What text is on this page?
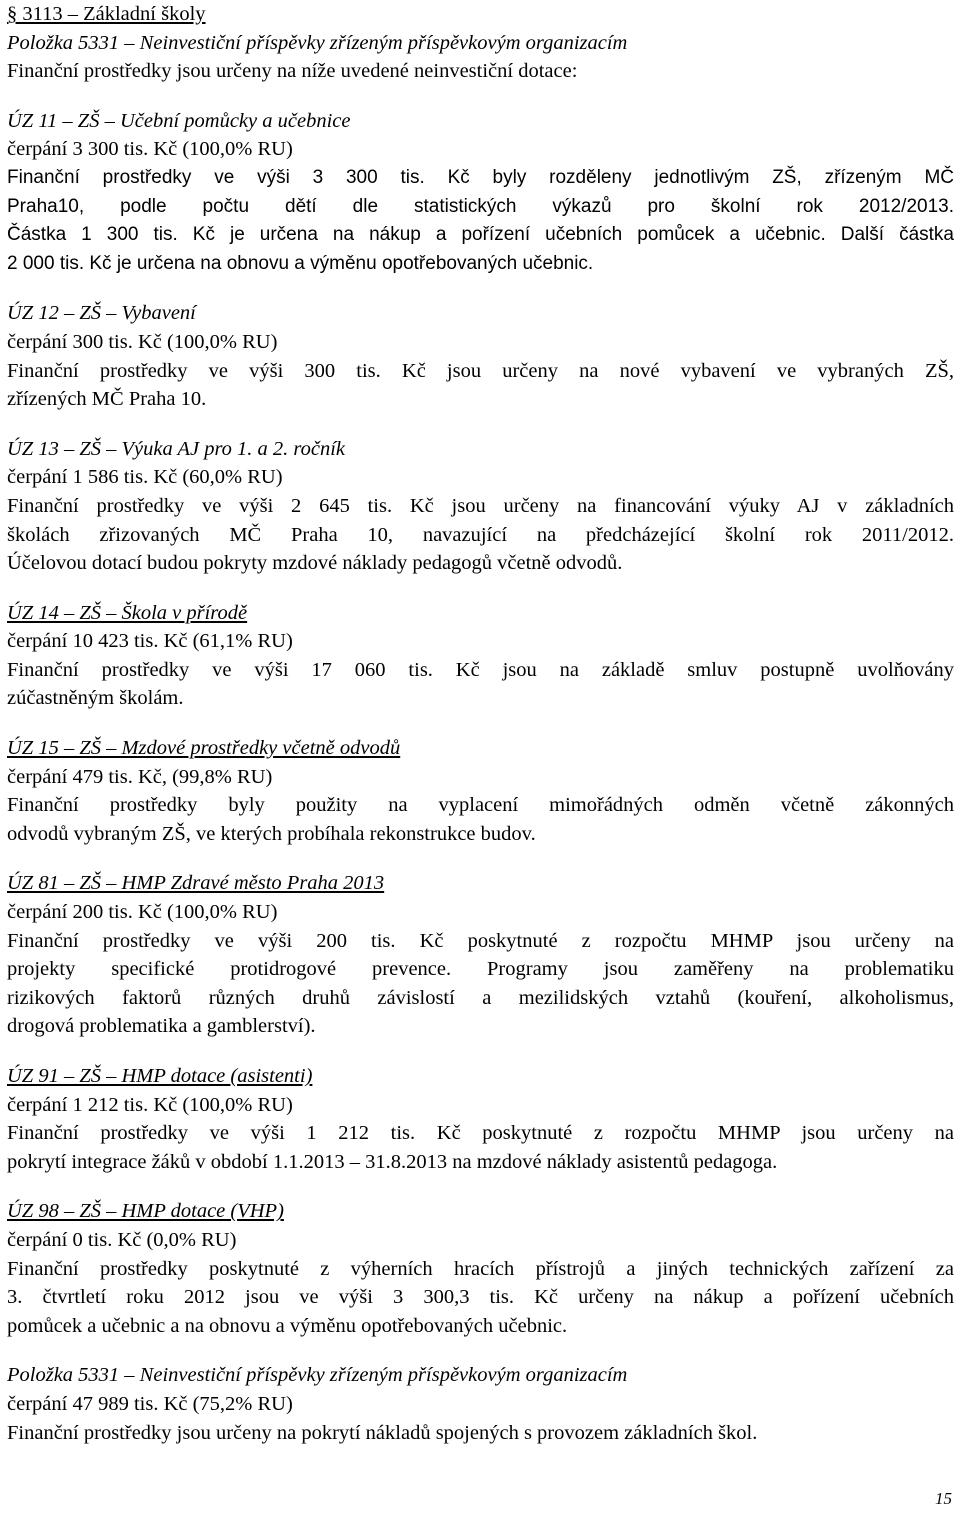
§ 3113 – Základní školy

Položka 5331 – Neinvestiční příspěvky zřízeným příspěvkovým organizacím

Finanční prostředky jsou určeny na níže uvedené neinvestiční dotace:

ÚZ 11 – ZŠ – Učební pomůcky a učebnice

čerpání 3 300 tis. Kč (100,0% RU)

Finanční prostředky ve výši 3 300 tis. Kč byly rozděleny jednotlivým ZŠ, zřízeným MČ

Praha10, podle počtu dětí dle statistických výkazů pro školní rok 2012/2013.

Částka 1 300 tis. Kč je určena na nákup a pořízení učebních pomůcek a učebnic. Další částka

2 000 tis. Kč je určena na obnovu a výměnu opotřebovaných učebnic.

ÚZ 12 – ZŠ – Vybavení

čerpání 300 tis. Kč (100,0% RU)

Finanční prostředky ve výši 300 tis. Kč jsou určeny na nové vybavení ve vybraných ZŠ,

zřízených MČ Praha 10.

ÚZ 13 – ZŠ – Výuka AJ pro 1. a 2. ročník

čerpání 1 586 tis. Kč (60,0% RU)

Finanční prostředky ve výši 2 645 tis. Kč jsou určeny na financování výuky AJ v základních

školách zřizovaných MČ Praha 10, navazující na předcházející školní rok 2011/2012.

Účelovou dotací budou pokryty mzdové náklady pedagogů včetně odvodů.

ÚZ 14 – ZŠ – Škola v přírodě

čerpání 10 423 tis. Kč (61,1% RU)

Finanční prostředky ve výši 17 060 tis. Kč jsou na základě smluv postupně uvolňovány

zúčastněným školám.

ÚZ 15 – ZŠ – Mzdové prostředky včetně odvodů

čerpání 479 tis. Kč, (99,8% RU)

Finanční prostředky byly použity na vyplacení mimořádných odměn včetně zákonných

odvodů vybraným ZŠ, ve kterých probíhala rekonstrukce budov.

ÚZ 81 – ZŠ – HMP Zdravé město Praha 2013

čerpání 200 tis. Kč (100,0% RU)

Finanční prostředky ve výši 200 tis. Kč poskytnuté z rozpočtu MHMP jsou určeny na

projekty specifické protidrogové prevence. Programy jsou zaměřeny na problematiku

rizikových faktorů různých druhů závislostí a mezilidských vztahů (kouření, alkoholismus,

drogová problematika a gamblerství).

ÚZ 91 – ZŠ – HMP dotace (asistenti)

čerpání 1 212 tis. Kč (100,0% RU)

Finanční prostředky ve výši 1 212 tis. Kč poskytnuté z rozpočtu MHMP jsou určeny na

pokrytí integrace žáků v období 1.1.2013 – 31.8.2013 na mzdové náklady asistentů pedagoga.

ÚZ 98 – ZŠ – HMP dotace (VHP)

čerpání 0 tis. Kč (0,0% RU)

Finanční prostředky poskytnuté z výherních hracích přístrojů a jiných technických zařízení za

3. čtvrtletí roku 2012 jsou ve výši 3 300,3 tis. Kč určeny na nákup a pořízení učebních

pomůcek a učebnic a na obnovu a výměnu opotřebovaných učebnic.

Položka 5331 – Neinvestiční příspěvky zřízeným příspěvkovým organizacím

čerpání 47 989 tis. Kč (75,2% RU)

Finanční prostředky jsou určeny na pokrytí nákladů spojených s provozem základních škol.

15
